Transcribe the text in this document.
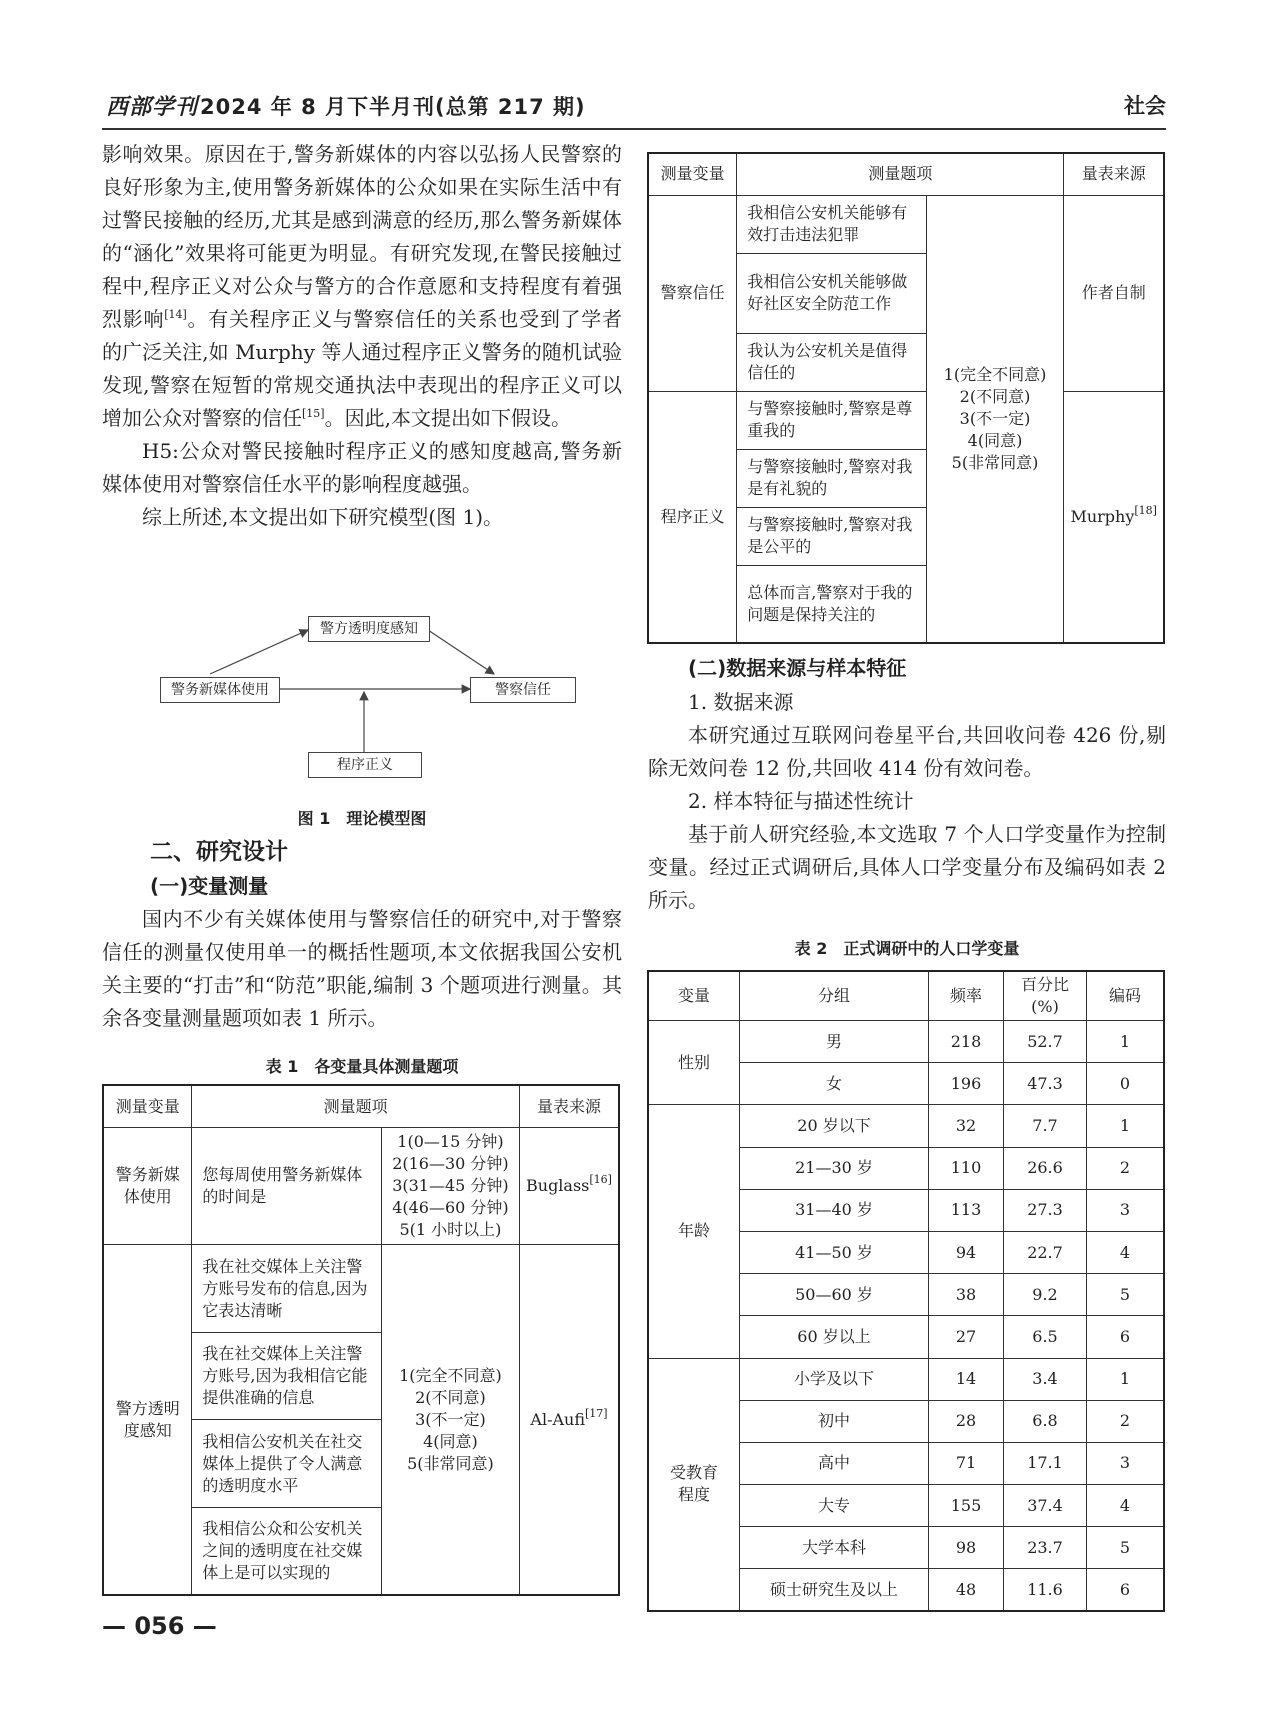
西部学刊2024 年 8 月下半月刊(总第 217 期)	社会

影响效果。原因在于,警务新媒体的内容以弘扬人民警察的良好形象为主,使用警务新媒体的公众如果在实际生活中有过警民接触的经历,尤其是感到满意的经历,那么警务新媒体的“涵化”效果将可能更为明显。有研究发现,在警民接触过程中,程序正义对公众与警方的合作意愿和支持程度有着强烈影响[14]。有关程序正义与警察信任的关系也受到了学者的广泛关注,如 Murphy 等人通过程序正义警务的随机试验发现,警察在短暂的常规交通执法中表现出的程序正义可以增加公众对警察的信任[15]。因此,本文提出如下假设。

H5:公众对警民接触时程序正义的感知度越高,警务新媒体使用对警察信任水平的影响程度越强。

综上所述,本文提出如下研究模型(图 1)。

警方透明度感知
警务新媒体使用	警察信任
程序正义
图 1　理论模型图

二、研究设计

(一)变量测量

国内不少有关媒体使用与警察信任的研究中,对于警察信任的测量仅使用单一的概括性题项,本文依据我国公安机关主要的“打击”和“防范”职能,编制 3 个题项进行测量。其余各变量测量题项如表 1 所示。

表 1　各变量具体测量题项
测量变量	测量题项		量表来源
警务新媒体使用	您每周使用警务新媒体的时间是	1(0—15 分钟)
2(16—30 分钟)
3(31—45 分钟)
4(46—60 分钟)
5(1 小时以上)	Buglass[16]
警方透明度感知	我在社交媒体上关注警方账号发布的信息,因为它表达清晰	1(完全不同意)
2(不同意)
3(不一定)
4(同意)
5(非常同意)	Al-Aufi[17]
	我在社交媒体上关注警方账号,因为我相信它能提供准确的信息		
	我相信公安机关在社交媒体上提供了令人满意的透明度水平		
	我相信公众和公安机关之间的透明度在社交媒体上是可以实现的		
测量变量	测量题项		量表来源
警察信任	我相信公安机关能够有效打击违法犯罪	1(完全不同意)
2(不同意)
3(不一定)
4(同意)
5(非常同意)	作者自制
	我相信公安机关能够做好社区安全防范工作		
	我认为公安机关是值得信任的		
程序正义	与警察接触时,警察是尊重我的		Murphy[18]
	与警察接触时,警察对我是有礼貌的		
	与警察接触时,警察对我是公平的		
	总体而言,警察对于我的问题是保持关注的		

(二)数据来源与样本特征

1. 数据来源

本研究通过互联网问卷星平台,共回收问卷 426 份,剔除无效问卷 12 份,共回收 414 份有效问卷。

2. 样本特征与描述性统计

基于前人研究经验,本文选取 7 个人口学变量作为控制变量。经过正式调研后,具体人口学变量分布及编码如表 2 所示。

表 2　正式调研中的人口学变量
变量	分组	频率	百分比(%)	编码
性别	男	218	52.7	1
	女	196	47.3	0
年龄	20 岁以下	32	7.7	1
	21—30 岁	110	26.6	2
	31—40 岁	113	27.3	3
	41—50 岁	94	22.7	4
	50—60 岁	38	9.2	5
	60 岁以上	27	6.5	6
受教育程度	小学及以下	14	3.4	1
	初中	28	6.8	2
	高中	71	17.1	3
	大专	155	37.4	4
	大学本科	98	23.7	5
	硕士研究生及以上	48	11.6	6
— 056 —
